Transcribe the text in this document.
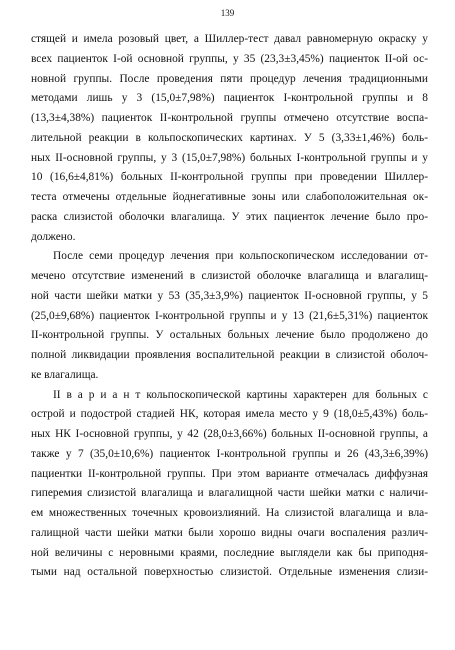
139
стящей и имела розовый цвет, а Шиллер-тест давал равномерную окраску у
всех пациенток I-ой основной группы, у 35 (23,3±3,45%) пациенток II-ой ос-
новной группы. После проведения пяти процедур лечения традиционными
методами лишь у 3 (15,0±7,98%) пациенток I-контрольной группы и 8
(13,3±4,38%) пациенток II-контрольной группы отмечено отсутствие воспа-
лительной реакции в кольпоскопических картинах. У 5 (3,33±1,46%) боль-
ных II-основной группы, у 3 (15,0±7,98%) больных I-контрольной группы и у
10 (16,6±4,81%) больных II-контрольной группы при проведении Шиллер-
теста отмечены отдельные йоднегативные зоны или слабоположительная ок-
раска слизистой оболочки влагалища. У этих пациенток лечение было про-
должено.
После семи процедур лечения при кольпоскопическом исследовании от-
мечено отсутствие изменений в слизистой оболочке влагалища и влагалищ-
ной части шейки матки у 53 (35,3±3,9%) пациенток II-основной группы, у 5
(25,0±9,68%) пациенток I-контрольной группы и у 13 (21,6±5,31%) пациенток
II-контрольной группы. У остальных больных лечение было продолжено до
полной ликвидации проявления воспалительной реакции в слизистой оболоч-
ке влагалища.
II в а р и а н т кольпоскопической картины характерен для больных с
острой и подострой стадией НК, которая имела место у 9 (18,0±5,43%) боль-
ных НК I-основной группы, у 42 (28,0±3,66%) больных II-основной группы, а
также у 7 (35,0±10,6%) пациенток I-контрольной группы и 26 (43,3±6,39%)
пациентки II-контрольной группы. При этом варианте отмечалась диффузная
гиперемия слизистой влагалища и влагалищной части шейки матки с наличи-
ем множественных точечных кровоизлияний. На слизистой влагалища и вла-
галищной части шейки матки были хорошо видны очаги воспаления различ-
ной величины с неровными краями, последние выглядели как бы приподня-
тыми над остальной поверхностью слизистой. Отдельные изменения слизи-
